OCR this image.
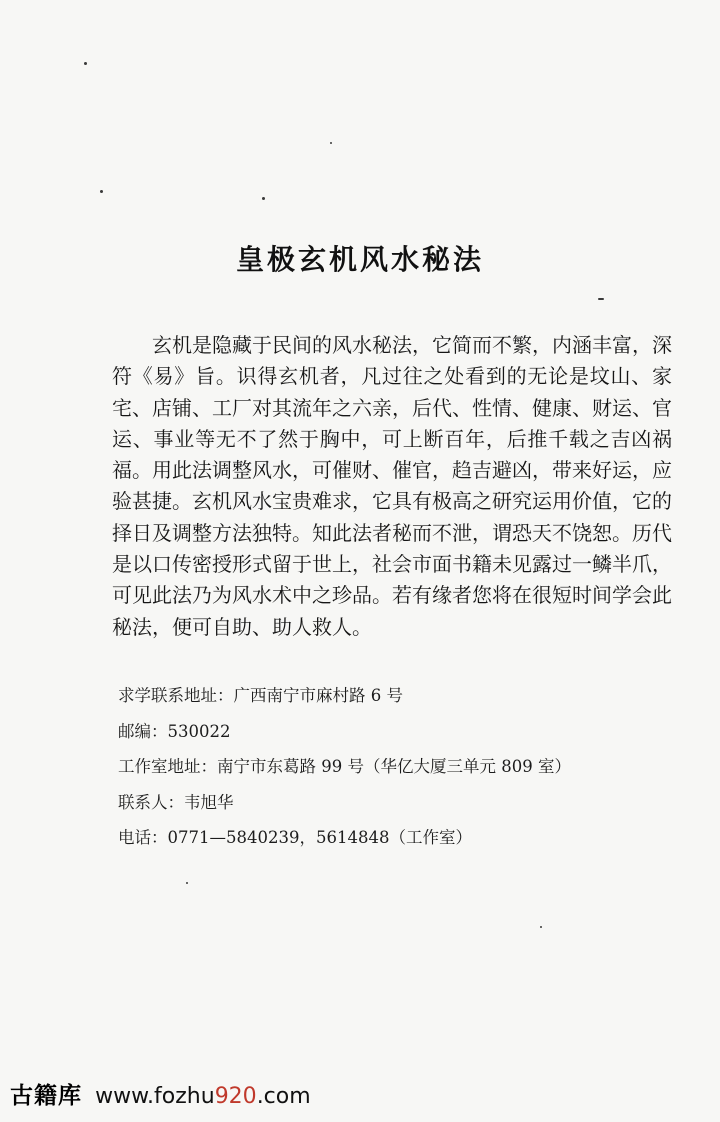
皇极玄机风水秘法

玄机是隐藏于民间的风水秘法，它简而不繁，内涵丰富，深符《易》旨。识得玄机者，凡过往之处看到的无论是坟山、家宅、店铺、工厂对其流年之六亲，后代、性情、健康、财运、官运、事业等无不了然于胸中，可上断百年，后推千载之吉凶祸福。用此法调整风水，可催财、催官，趋吉避凶，带来好运，应验甚捷。玄机风水宝贵难求，它具有极高之研究运用价值，它的择日及调整方法独特。知此法者秘而不泄，谓恐天不饶恕。历代是以口传密授形式留于世上，社会市面书籍未见露过一鳞半爪，可见此法乃为风水术中之珍品。若有缘者您将在很短时间学会此秘法，便可自助、助人救人。

求学联系地址：广西南宁市麻村路 6 号
邮编：530022
工作室地址：南宁市东葛路 99 号（华亿大厦三单元 809 室）
联系人：韦旭华
电话：0771—5840239，5614848（工作室）
古籍库 www.fozhu920.com
